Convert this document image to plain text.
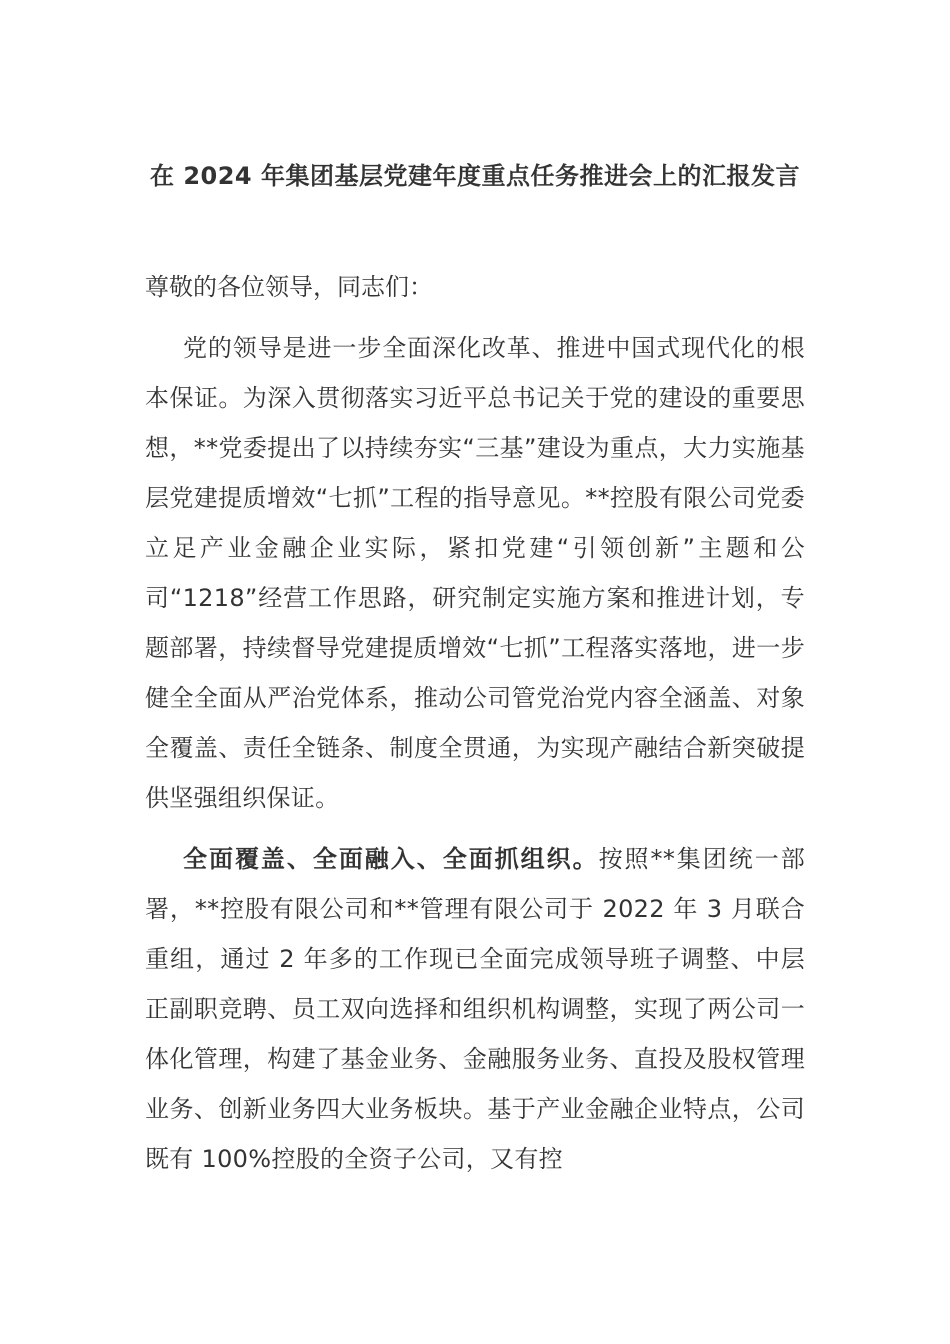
在 2024 年集团基层党建年度重点任务推进会上的汇报发言

尊敬的各位领导，同志们：

党的领导是进一步全面深化改革、推进中国式现代化的根本保证。为深入贯彻落实习近平总书记关于党的建设的重要思想，**党委提出了以持续夯实“三基”建设为重点，大力实施基层党建提质增效“七抓”工程的指导意见。**控股有限公司党委立足产业金融企业实际，紧扣党建“引领创新”主题和公司“1218”经营工作思路，研究制定实施方案和推进计划，专题部署，持续督导党建提质增效“七抓”工程落实落地，进一步健全全面从严治党体系，推动公司管党治党内容全涵盖、对象全覆盖、责任全链条、制度全贯通，为实现产融结合新突破提供坚强组织保证。

全面覆盖、全面融入、全面抓组织。按照**集团统一部署，**控股有限公司和**管理有限公司于 2022 年 3 月联合重组，通过 2 年多的工作现已全面完成领导班子调整、中层正副职竞聘、员工双向选择和组织机构调整，实现了两公司一体化管理，构建了基金业务、金融服务业务、直投及股权管理业务、创新业务四大业务板块。基于产业金融企业特点，公司既有 100%控股的全资子公司，又有控
